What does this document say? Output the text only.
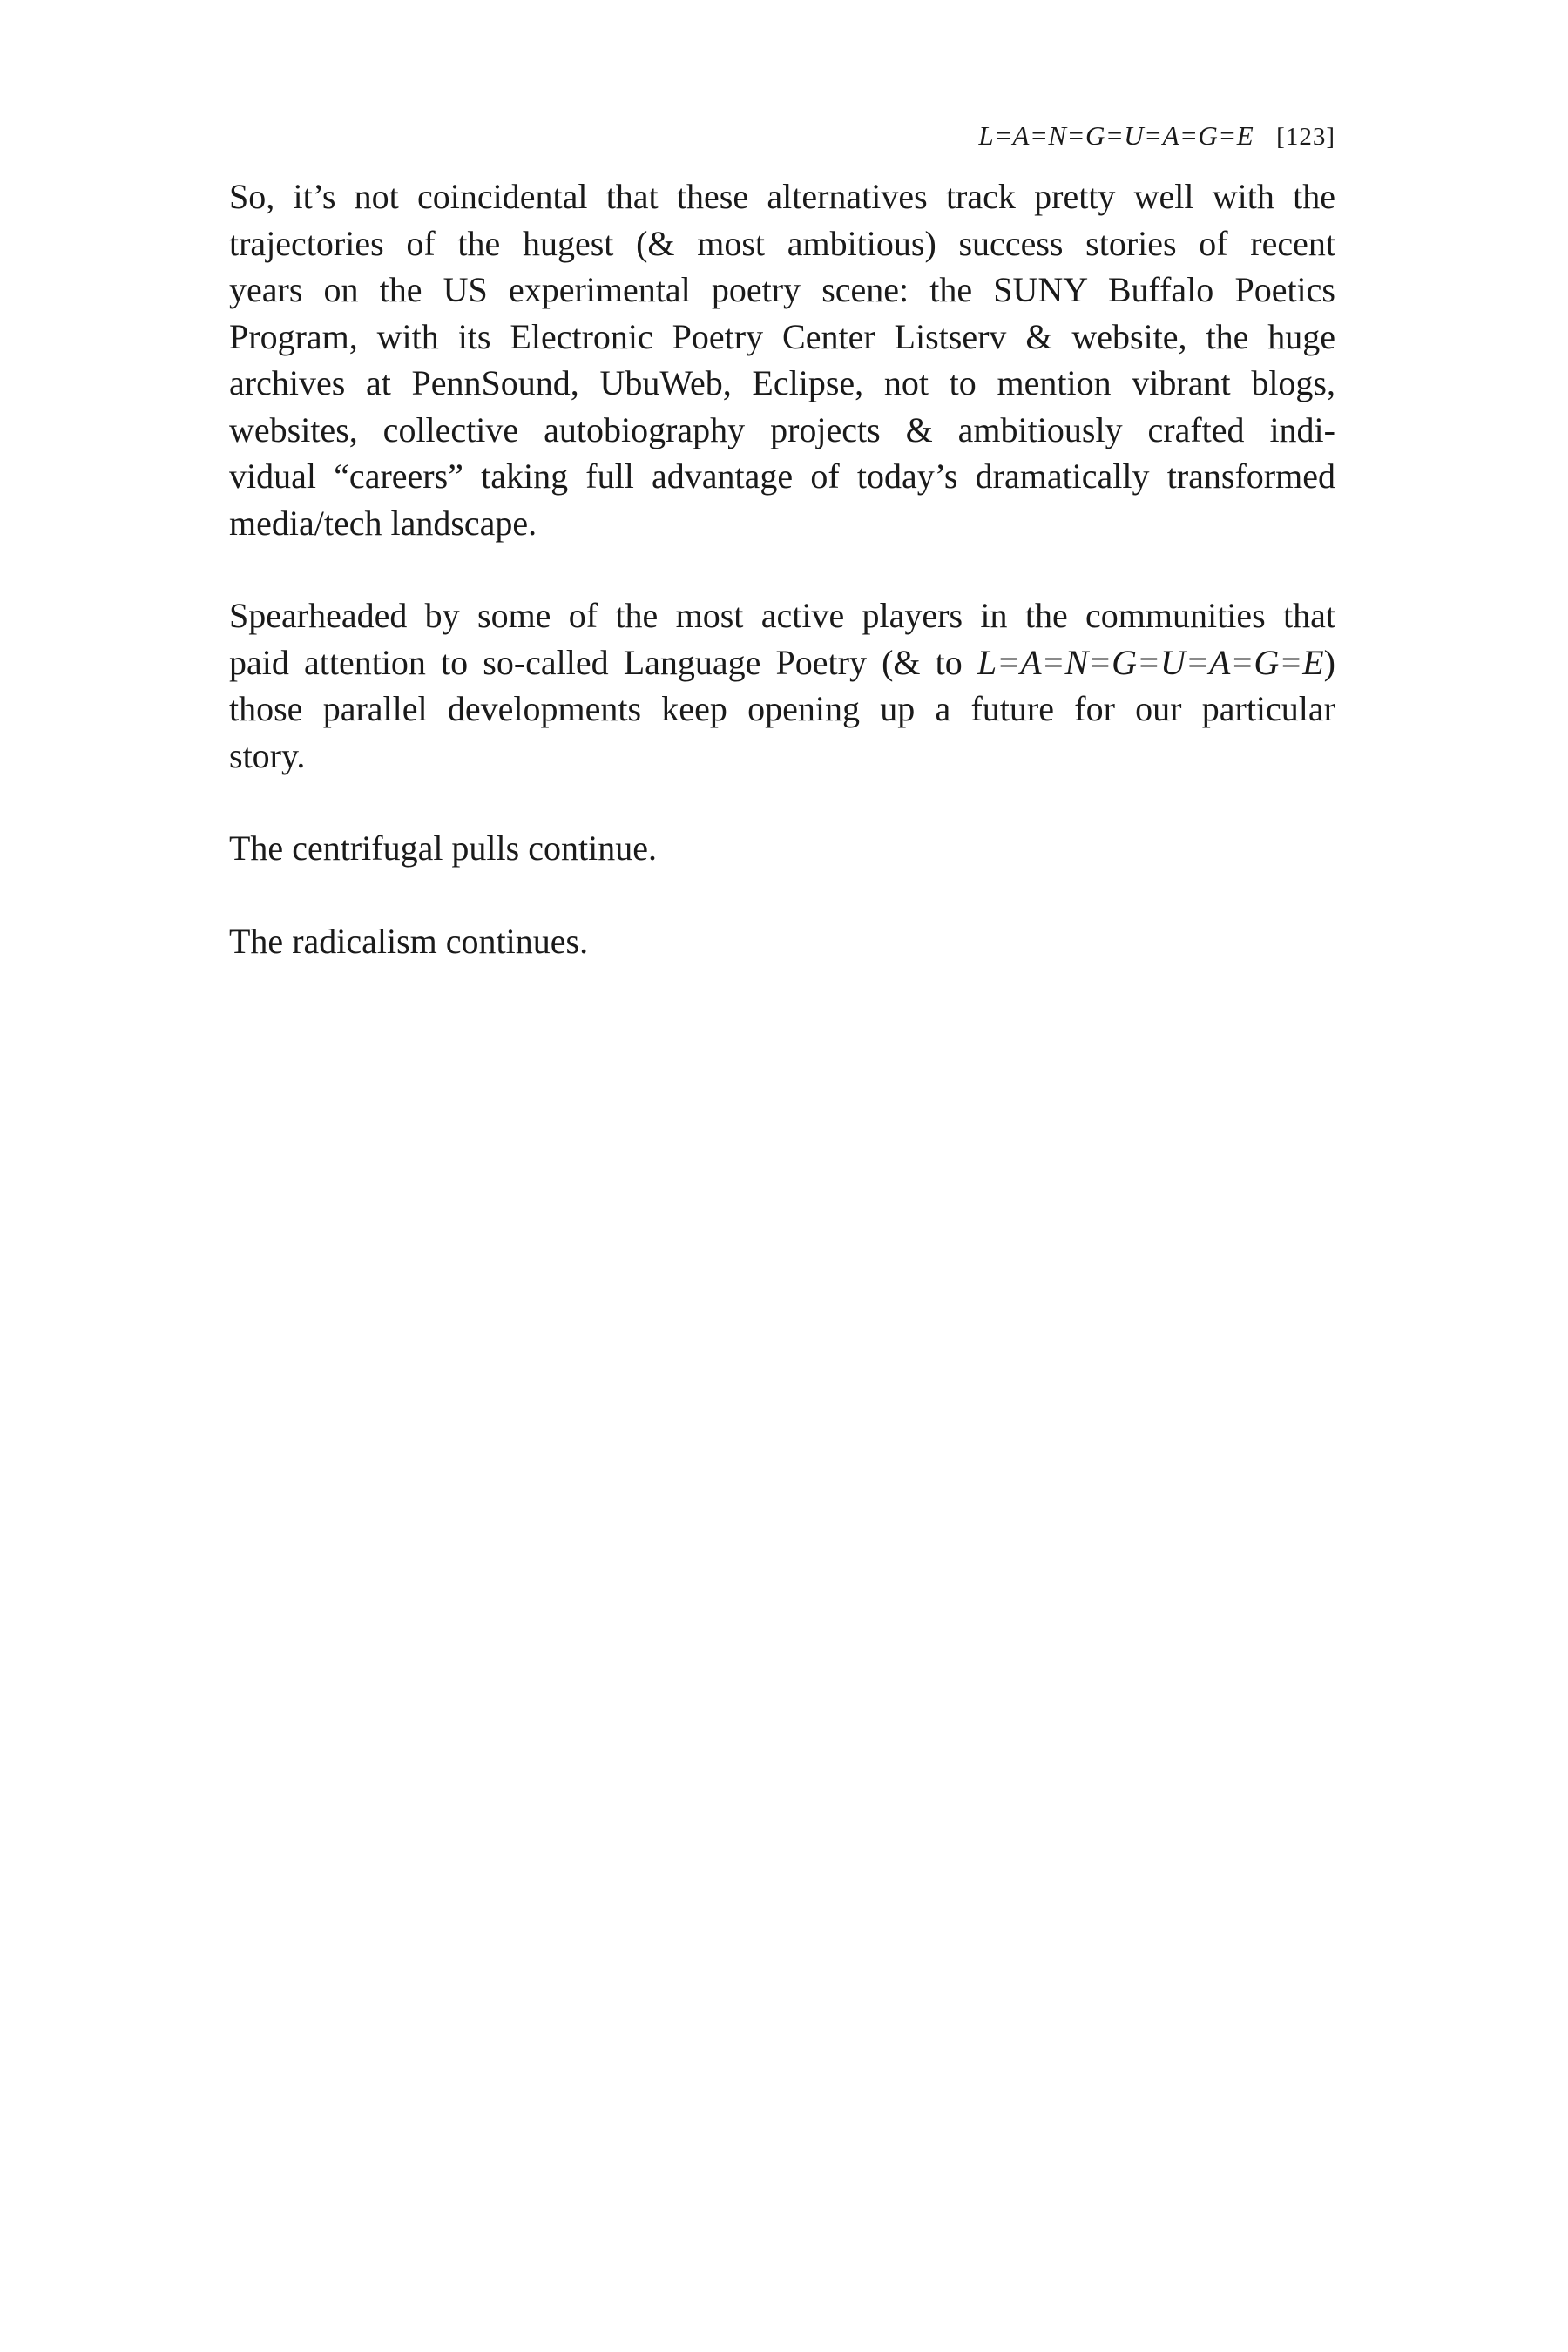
L=A=N=G=U=A=G=E [123]

So, it’s not coincidental that these alternatives track pretty well with the
trajectories of the hugest (& most ambitious) success stories of recent
years on the US experimental poetry scene: the SUNY Buffalo Poetics
Program, with its Electronic Poetry Center Listserv & website, the huge
archives at PennSound, UbuWeb, Eclipse, not to mention vibrant blogs,
websites, collective autobiography projects & ambitiously crafted indi-
vidual “careers” taking full advantage of today’s dramatically transformed
media/tech landscape.

Spearheaded by some of the most active players in the communities that
paid attention to so-called Language Poetry (& to L=A=N=G=U=A=G=E)
those parallel developments keep opening up a future for our particular
story.

The centrifugal pulls continue.

The radicalism continues.
